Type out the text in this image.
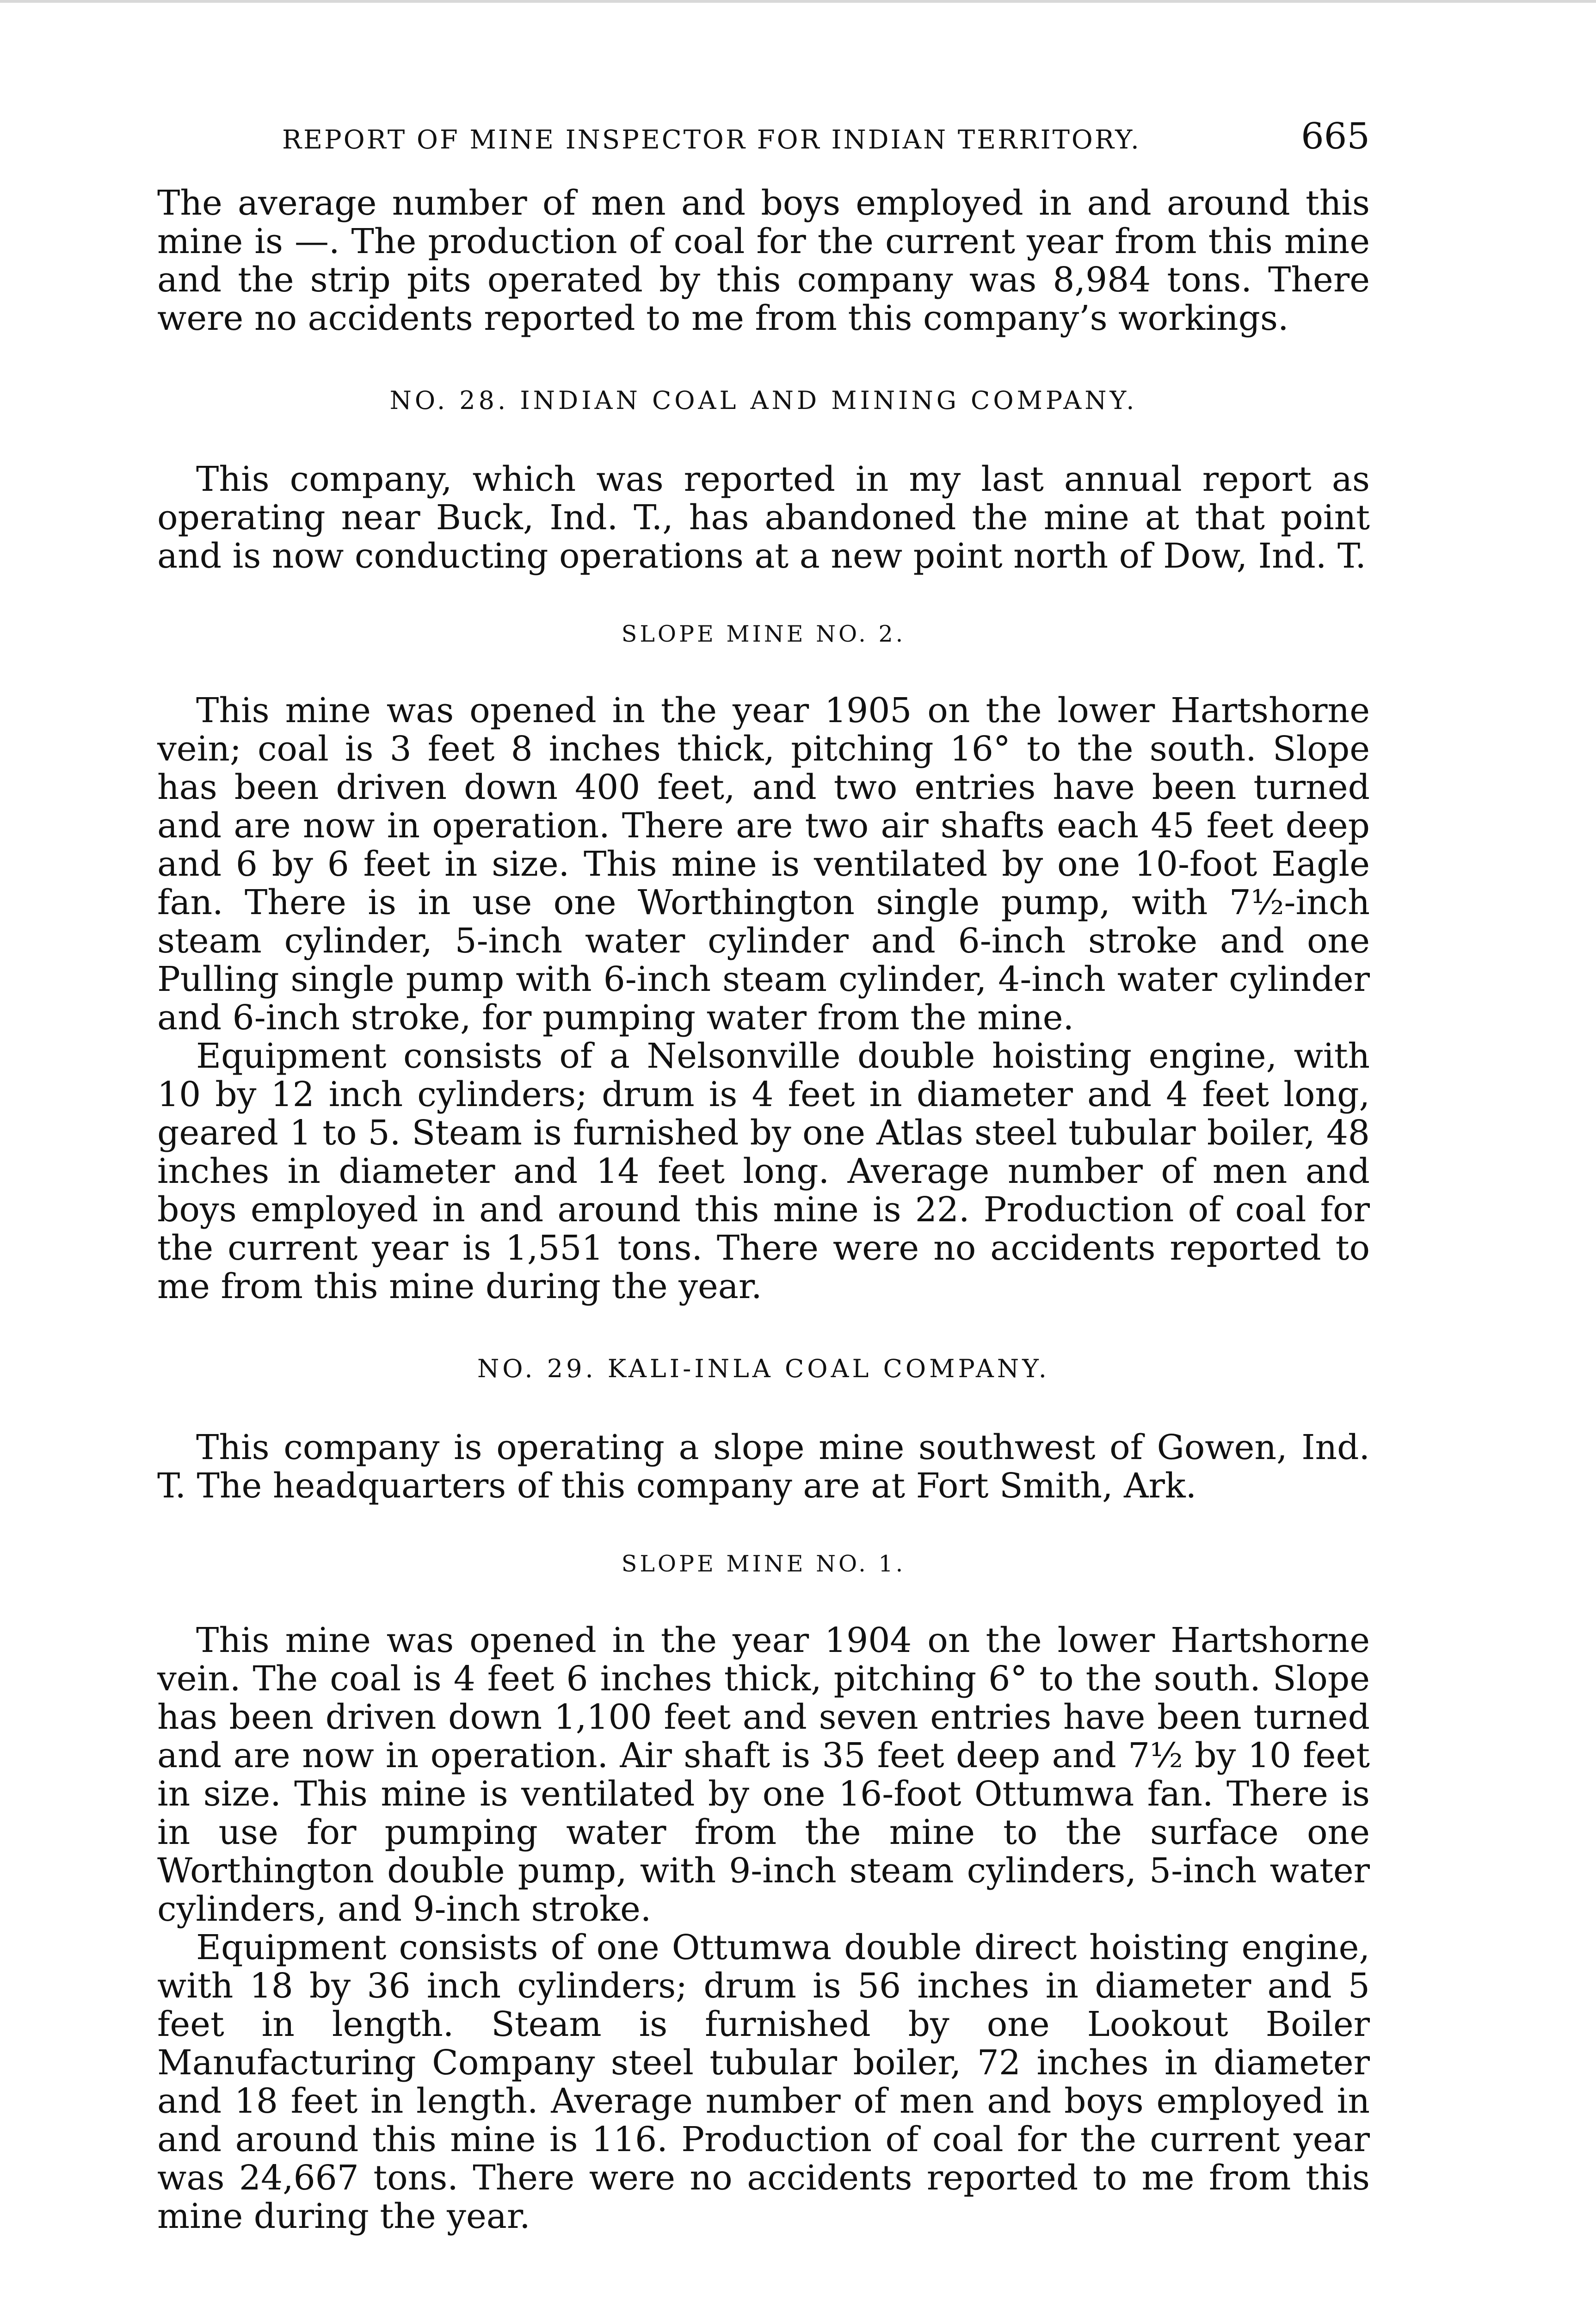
REPORT OF MINE INSPECTOR FOR INDIAN TERRITORY.	665

The average number of men and boys employed in and around this mine is —. The production of coal for the current year from this mine and the strip pits operated by this company was 8,984 tons. There were no accidents reported to me from this company’s workings.

NO. 28. INDIAN COAL AND MINING COMPANY.

This company, which was reported in my last annual report as operating near Buck, Ind. T., has abandoned the mine at that point and is now conducting operations at a new point north of Dow, Ind. T.

SLOPE MINE NO. 2.

This mine was opened in the year 1905 on the lower Hartshorne vein; coal is 3 feet 8 inches thick, pitching 16° to the south. Slope has been driven down 400 feet, and two entries have been turned and are now in operation. There are two air shafts each 45 feet deep and 6 by 6 feet in size. This mine is ventilated by one 10-foot Eagle fan. There is in use one Worthington single pump, with 7½-inch steam cylinder, 5-inch water cylinder and 6-inch stroke and one Pulling single pump with 6-inch steam cylinder, 4-inch water cylinder and 6-inch stroke, for pumping water from the mine.

Equipment consists of a Nelsonville double hoisting engine, with 10 by 12 inch cylinders; drum is 4 feet in diameter and 4 feet long, geared 1 to 5. Steam is furnished by one Atlas steel tubular boiler, 48 inches in diameter and 14 feet long. Average number of men and boys employed in and around this mine is 22. Production of coal for the current year is 1,551 tons. There were no accidents reported to me from this mine during the year.

NO. 29. KALI-INLA COAL COMPANY.

This company is operating a slope mine southwest of Gowen, Ind. T. The headquarters of this company are at Fort Smith, Ark.

SLOPE MINE NO. 1.

This mine was opened in the year 1904 on the lower Hartshorne vein. The coal is 4 feet 6 inches thick, pitching 6° to the south. Slope has been driven down 1,100 feet and seven entries have been turned and are now in operation. Air shaft is 35 feet deep and 7½ by 10 feet in size. This mine is ventilated by one 16-foot Ottumwa fan. There is in use for pumping water from the mine to the surface one Worthington double pump, with 9-inch steam cylinders, 5-inch water cylinders, and 9-inch stroke.

Equipment consists of one Ottumwa double direct hoisting engine, with 18 by 36 inch cylinders; drum is 56 inches in diameter and 5 feet in length. Steam is furnished by one Lookout Boiler Manufacturing Company steel tubular boiler, 72 inches in diameter and 18 feet in length. Average number of men and boys employed in and around this mine is 116. Production of coal for the current year was 24,667 tons. There were no accidents reported to me from this mine during the year.
